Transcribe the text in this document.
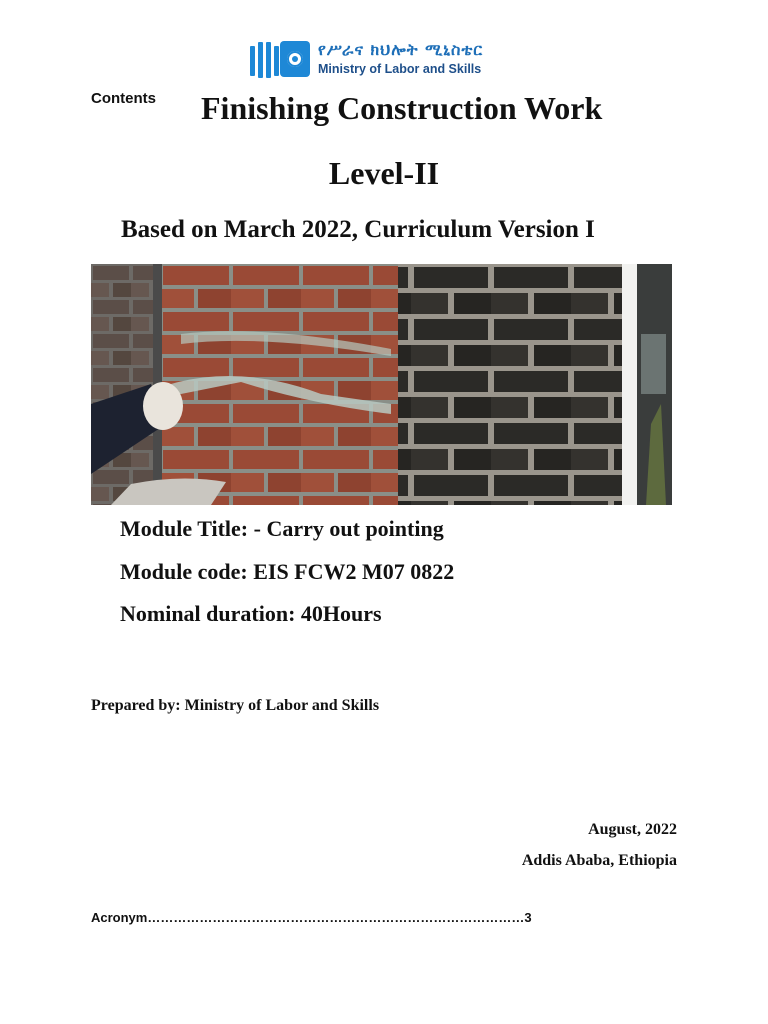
የሥራና ክህሎት ሚኒስቴር
Ministry of Labor and Skills
Contents Finishing Construction Work
Level-II
Based on March 2022, Curriculum Version I
Module Title: - Carry out pointing
Module code: EIS FCW2 M07 0822
Nominal duration: 40Hours
Prepared by: Ministry of Labor and Skills
August, 2022
Addis Ababa, Ethiopia
Acronym……………………………………………………………………………3
